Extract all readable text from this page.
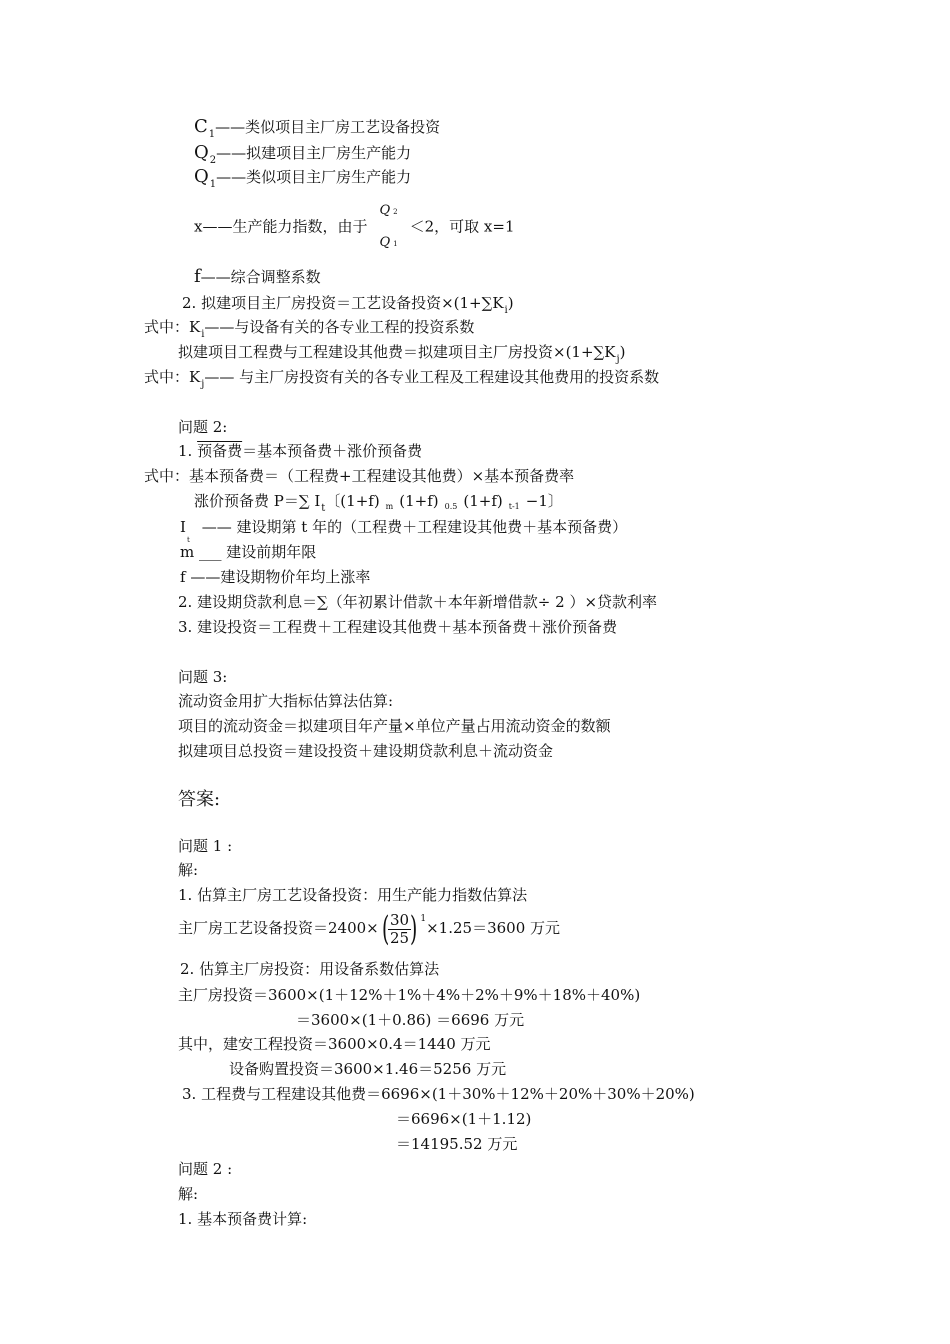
$C_1——$类似项目主厂房工艺设备投资
$Q_2——$拟建项目主厂房生产能力
$Q_1——$类似项目主厂房生产能力
x——生产能力指数，由于 $\frac{Q 2}{Q 1} <2$，可取 x=1
f——综合调整系数
2. 拟建项目主厂房投资＝工艺设备投资$\times(1+\sum K_i)$
式中：$K_i——$与设备有关的各专业工程的投资系数
拟建项目工程费与工程建设其他费＝拟建项目主厂房投资$\times(1+\sum K_j)$
式中：$K_j——$ 与主厂房投资有关的各专业工程及工程建设其他费用的投资系数
问题 2:
1. 预备费＝基本预备费＋涨价预备费
式中：基本预备费＝（工程费+工程建设其他费）×基本预备费率
涨价预备费 P＝∑ $I_t$〔(1+f) $_m$ (1+f) $_{0.5}$ (1+f) $_{t-1}$ −1〕
$I_t——$ 建设期第 t 年的（工程费＋工程建设其他费＋基本预备费）
m ___ 建设前期年限
f ——建设期物价年均上涨率
2. 建设期贷款利息＝∑（年初累计借款＋本年新增借款÷ 2 ）×贷款利率
3. 建设投资＝工程费＋工程建设其他费＋基本预备费＋涨价预备费
问题 3:
流动资金用扩大指标估算法估算:
项目的流动资金＝拟建项目年产量×单位产量占用流动资金的数额
拟建项目总投资＝建设投资＋建设期贷款利息＋流动资金
答案:
问题 1 :
解:
1. 估算主厂房工艺设备投资：用生产能力指数估算法
主厂房工艺设备投资＝2400×(
$\frac{30}{25}$
) $^1$×1.25＝3600 万元
2. 估算主厂房投资：用设备系数估算法
主厂房投资＝3600×(1＋12%＋1%＋4%＋2%＋9%＋18%＋40%)
＝3600×(1＋0.86) ＝6696 万元
其中，建安工程投资＝3600×0.4＝1440 万元
设备购置投资＝3600×1.46＝5256 万元
3. 工程费与工程建设其他费＝6696×(1＋30%＋12%＋20%＋30%＋20%)
＝6696×(1＋1.12)
＝14195.52 万元
问题 2 :
解:
1. 基本预备费计算:
